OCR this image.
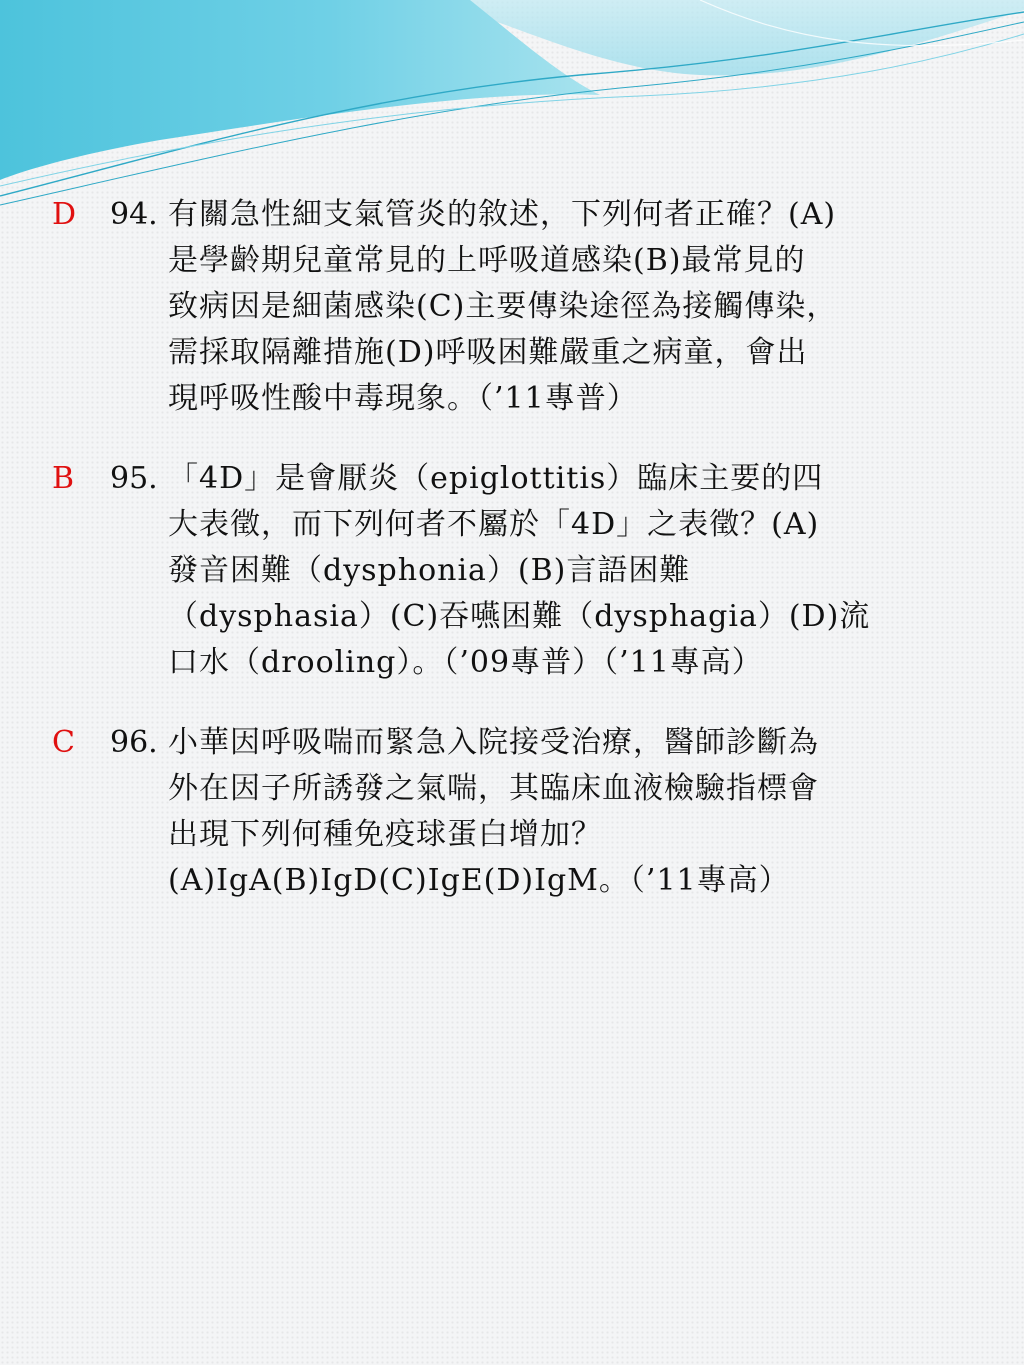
D 94. 有關急性細支氣管炎的敘述，下列何者正確？(A)
是學齡期兒童常見的上呼吸道感染(B)最常見的
致病因是細菌感染(C)主要傳染途徑為接觸傳染，
需採取隔離措施(D)呼吸困難嚴重之病童，會出
現呼吸性酸中毒現象。（’11專普）
B 95. 「4D」是會厭炎（epiglottitis）臨床主要的四
大表徵，而下列何者不屬於「4D」之表徵？(A)
發音困難（dysphonia）(B)言語困難
（dysphasia）(C)吞嚥困難（dysphagia）(D)流
口水（drooling）。（’09專普）（’11專高）
C 96. 小華因呼吸喘而緊急入院接受治療，醫師診斷為
外在因子所誘發之氣喘，其臨床血液檢驗指標會
出現下列何種免疫球蛋白增加？
(A)IgA(B)IgD(C)IgE(D)IgM。（’11專高）
